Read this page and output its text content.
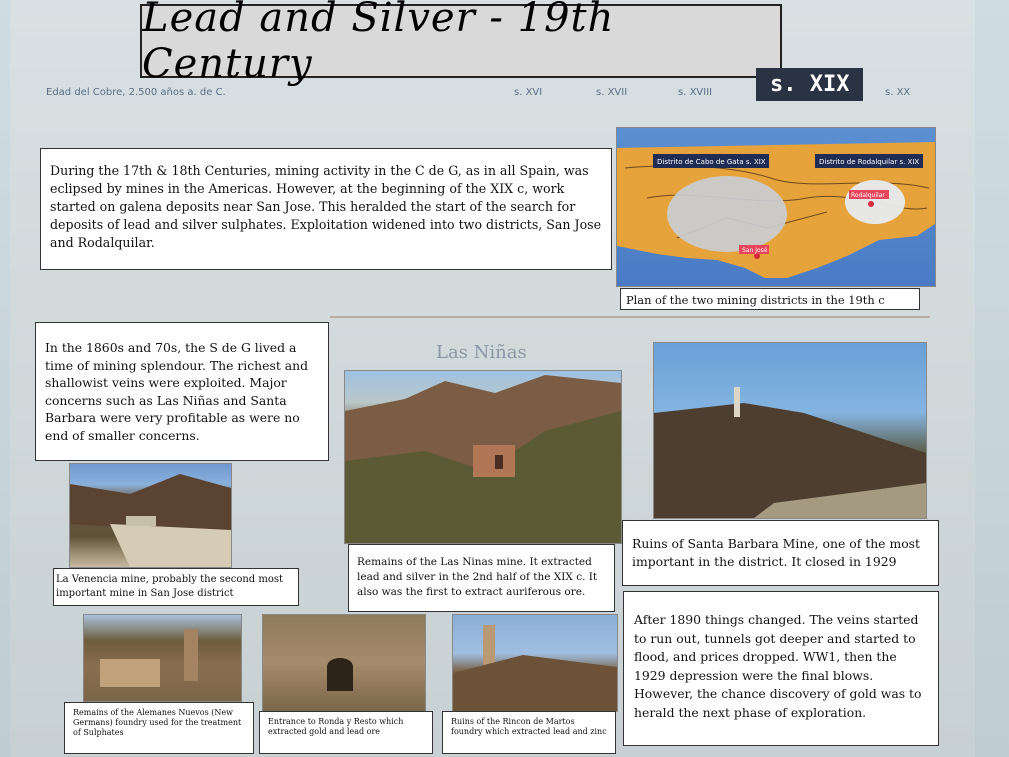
Lead and Silver - 19th Century
Edad del Cobre, 2.500 años a. de C.	s. XVI	s. XVII	s. XVIII	s. XIX	s. XX
During the 17th & 18th Centuries, mining activity in the C de G, as in all Spain, was eclipsed by mines in the Americas. However, at the beginning of the XIX c, work started on galena deposits near San Jose. This heralded the start of the search for deposits of lead and silver sulphates. Exploitation widened into two districts, San Jose and Rodalquilar.
Distrito de Cabo de Gata s. XIX	Distrito de Rodalquilar s. XIX
San José
Rodalquilar
Plan of the two mining districts in the 19th c
In the 1860s and 70s, the S de G lived a time of mining splendour. The richest and shallowist veins were exploited. Major concerns such as Las Niñas and Santa Barbara were very profitable as were no end of smaller concerns.
Las Niñas
Remains of the Las Ninas mine. It extracted lead and silver in the 2nd half of the XIX c. It also was the first to extract auriferous ore.
Ruins of Santa Barbara Mine, one of the most important in the district. It closed in 1929
La Venencia mine, probably the second most important mine in San Jose district
Remains of the Alemanes Nuevos (New Germans) foundry used for the treatment of Sulphates
Entrance to Ronda y Resto which extracted gold and lead ore
Ruins of the Rincon de Martos foundry which extracted lead and zinc
After 1890 things changed. The veins started to run out, tunnels got deeper and started to flood, and prices dropped. WW1, then the 1929 depression were the final blows. However, the chance discovery of gold was to herald the next phase of exploration.
